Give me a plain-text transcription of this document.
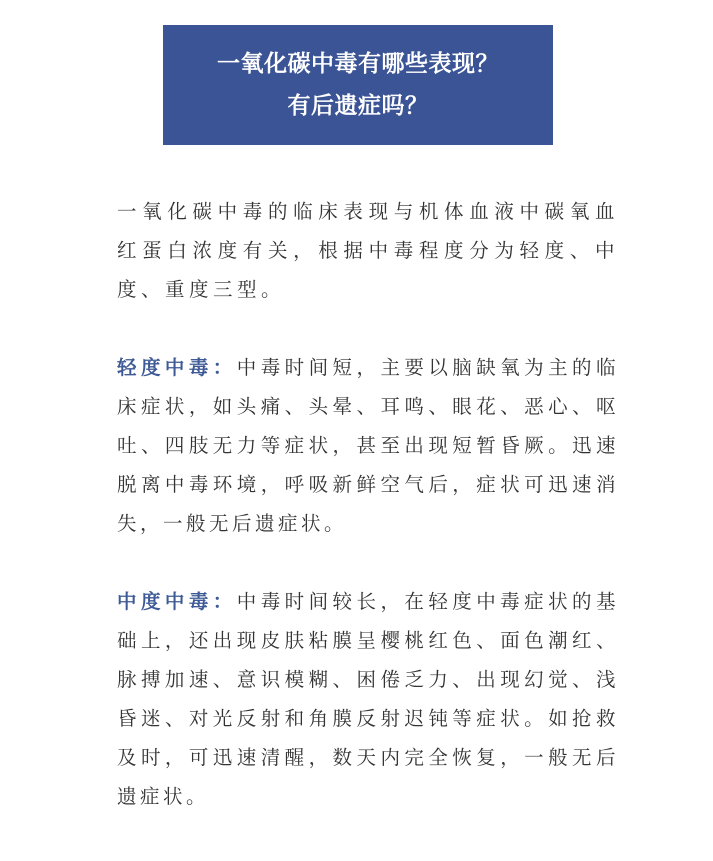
一氧化碳中毒有哪些表现？
有后遗症吗？

一氧化碳中毒的临床表现与机体血液中碳氧血红蛋白浓度有关，根据中毒程度分为轻度、中度、重度三型。

轻度中毒：中毒时间短，主要以脑缺氧为主的临床症状，如头痛、头晕、耳鸣、眼花、恶心、呕吐、四肢无力等症状，甚至出现短暂昏厥。迅速脱离中毒环境，呼吸新鲜空气后，症状可迅速消失，一般无后遗症状。

中度中毒：中毒时间较长，在轻度中毒症状的基础上，还出现皮肤粘膜呈樱桃红色、面色潮红、脉搏加速、意识模糊、困倦乏力、出现幻觉、浅昏迷、对光反射和角膜反射迟钝等症状。如抢救及时，可迅速清醒，数天内完全恢复，一般无后遗症状。
